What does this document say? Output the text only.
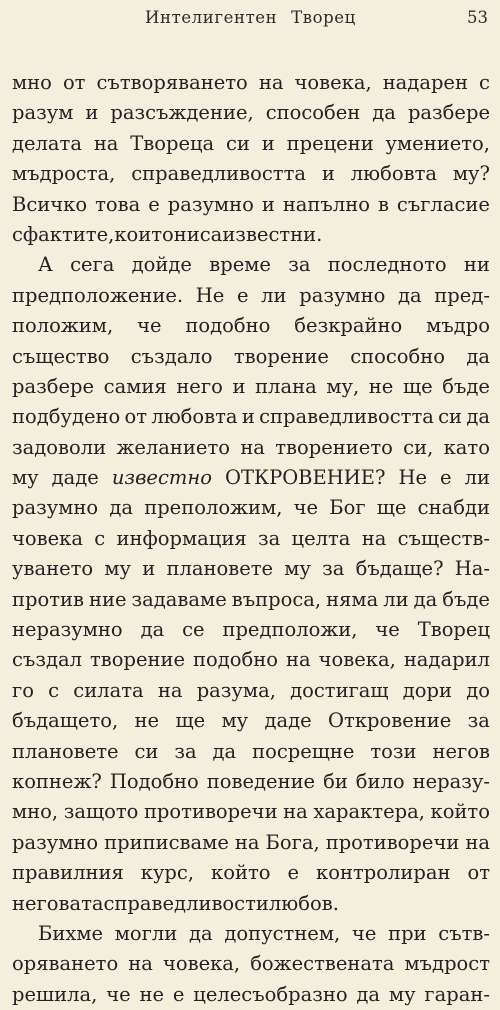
Интелигентен Творец	53
мно от сътворяването на човека, надарен с
разум и разсъждение, способен да разбере
делата на Твореца си и прецени умението,
мъдроста, справедливостта и любовта му?
Всичко това е разумно и напълно в съгласие
с фактите, които ни са известни.
А сега дойде време за последното ни
предположение. Не е ли разумно да пред-
положим, че подобно безкрайно мъдро
същество създало творение способно да
разбере самия него и плана му, не ще бъде
подбудено от любовта и справедливостта си да
задоволи желанието на творението си, като
му даде известно ОТКРОВЕНИЕ? Не е ли
разумно да преположим, че Бог ще снабди
човека с информация за целта на съществ-
уването му и плановете му за бъдаще? На-
против ние задаваме въпроса, няма ли да бъде
неразумно да се предположи, че Творец
създал творение подобно на човека, надарил
го с силата на разума, достигащ дори до
бъдащето, не ще му даде Откровение за
плановете си за да посрещне този негов
копнеж? Подобно поведение би било неразу-
мно, защото противоречи на характера, който
разумно приписваме на Бога, противоречи на
правилния курс, който е контролиран от
неговата справедливост и любов.
Бихме могли да допустнем, че при сътв-
оряването на човека, божествената мъдрост
решила, че не е целесъобразно да му гаран-
